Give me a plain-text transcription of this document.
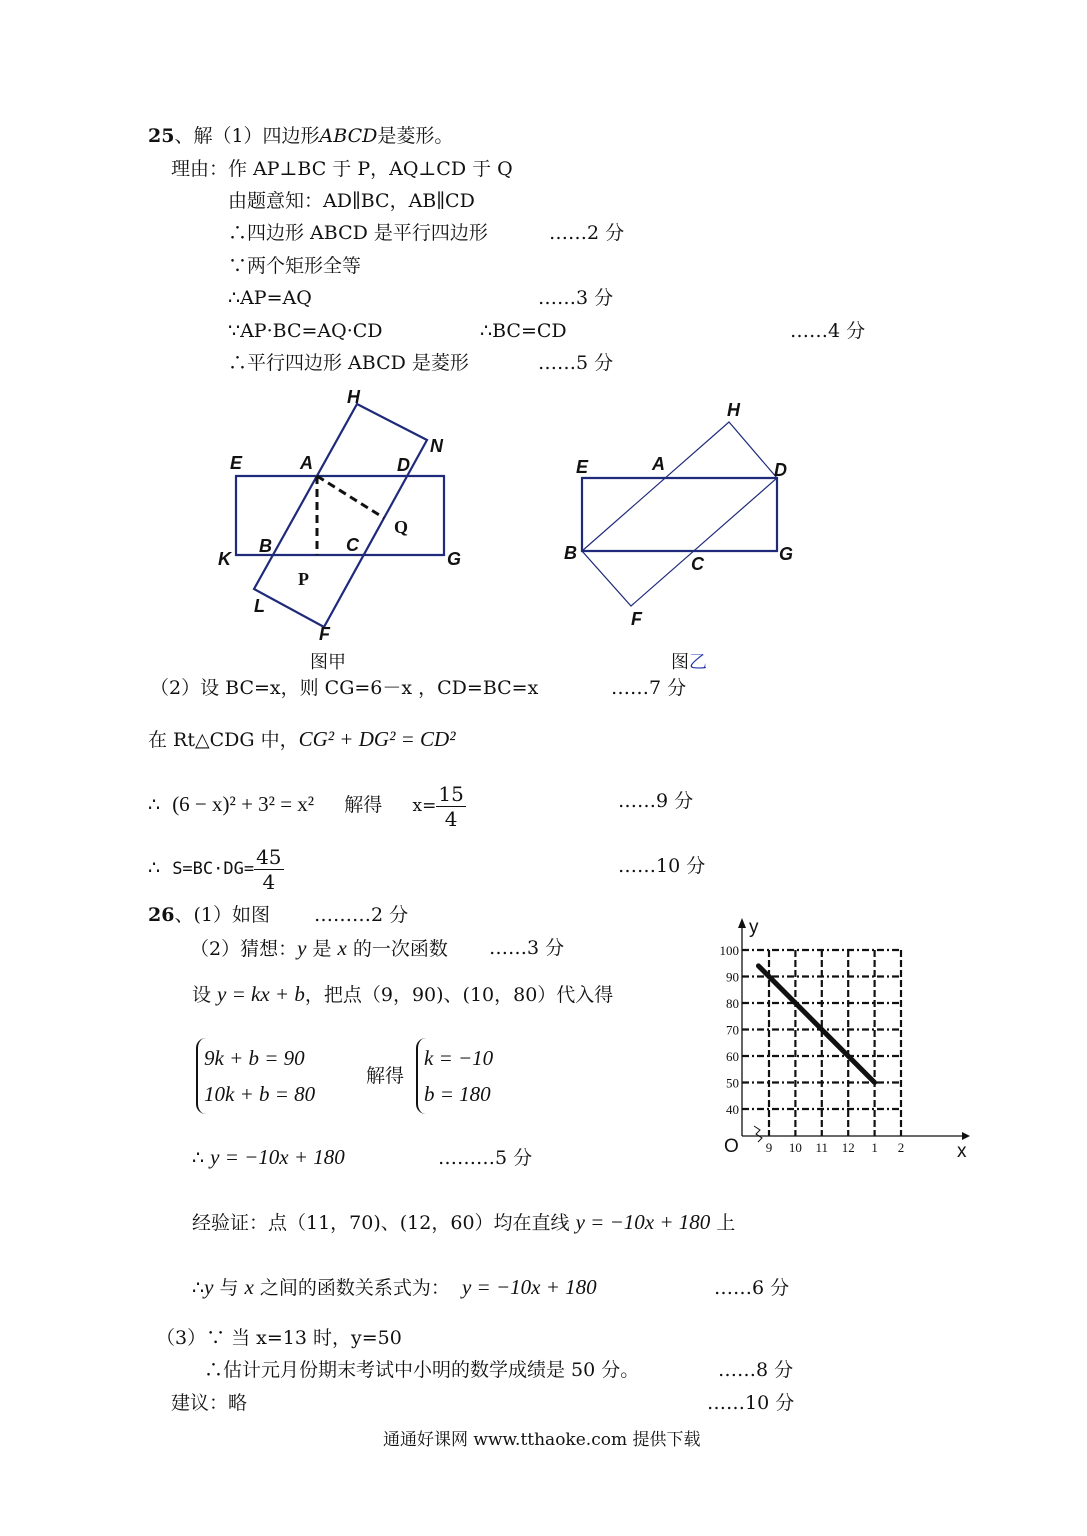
25、解（1）四边形ABCD是菱形。
理由：作 AP⊥BC 于 P，AQ⊥CD 于 Q
由题意知：AD∥BC，AB∥CD
∴四边形 ABCD 是平行四边形	……2 分
∵两个矩形全等
∴AP=AQ	……3 分
∵AP·BC=AQ·CD	∴BC=CD	……4 分
∴平行四边形 ABCD 是菱形	……5 分
H
N
E	A	D
Q
K
B	C
G
P
L
F
H
E	A	D
B	G
C
F
图甲	图乙
（2）设 BC=x，则 CG=6－x ，CD=BC=x	……7 分
在 Rt△CDG 中，CG² + DG² = CD²
∴ (6 − x)² + 3² = x² 解得 $x= \frac{15}{4}$	……9 分
∴ $S=BC\cdot DG= \frac{45}{4}$	……10 分
26、(1）如图 ………2 分
（2）猜想：y 是 x 的一次函数 ……3 分
设 y = kx + b，把点（9，90)、(10，80）代入得
9k + b = 90
10k + b = 80
解得
k = −10
b = 180
∴ y = −10x + 180	………5 分
经验证：点（11，70)、(12，60）均在直线 y = −10x + 180 上
∴y 与 x 之间的函数关系式为： y = −10x + 180	……6 分
（3）∵ 当 x=13 时，y=50
∴估计元月份期末考试中小明的数学成绩是 50 分。	……8 分
建议：略	……10 分
y
x
O 9 10 11 12 1 2
100
90
80
70
60
50
40
通通好课网 www.tthaoke.com 提供下载
